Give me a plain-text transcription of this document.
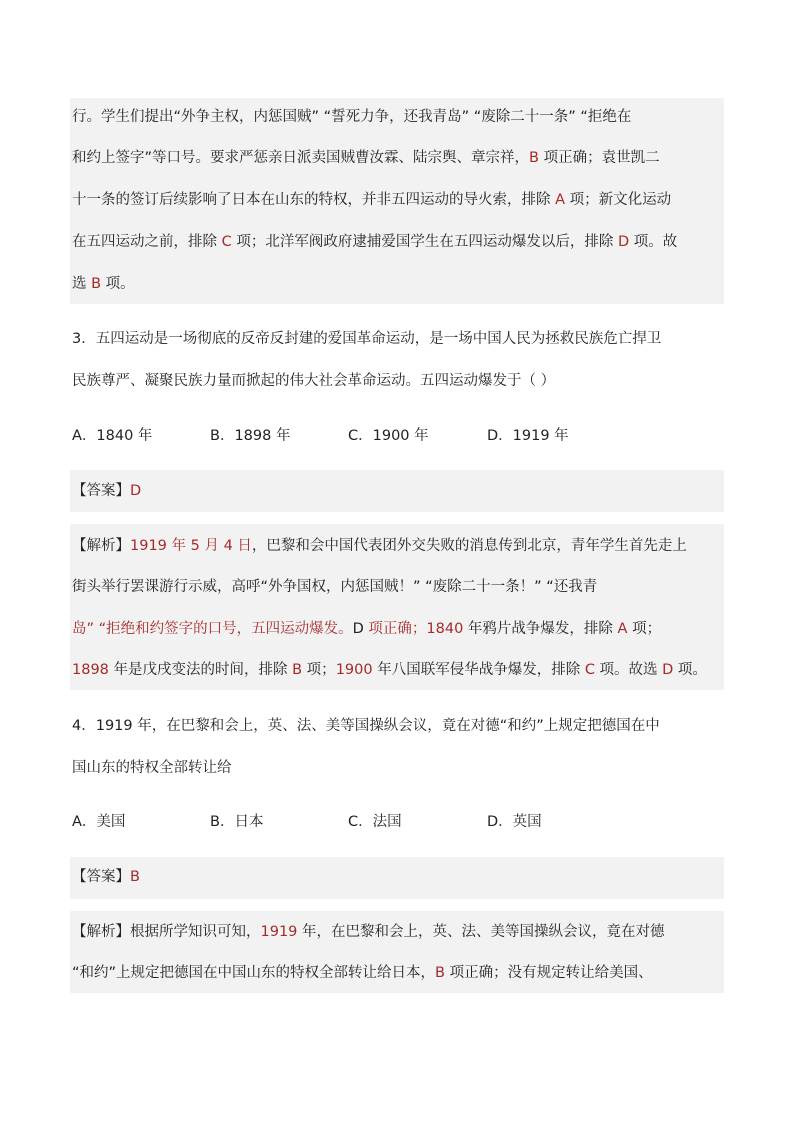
行。学生们提出“外争主权，内惩国贼” “誓死力争，还我青岛” “废除二十一条” “拒绝在
和约上签字”等口号。要求严惩亲日派卖国贼曹汝霖、陆宗舆、章宗祥，B 项正确；袁世凯二
十一条的签订后续影响了日本在山东的特权，并非五四运动的导火索，排除 A 项；新文化运动
在五四运动之前，排除 C 项；北洋军阀政府逮捕爱国学生在五四运动爆发以后，排除 D 项。故
选 B 项。
3．五四运动是一场彻底的反帝反封建的爱国革命运动，是一场中国人民为拯救民族危亡捍卫
民族尊严、凝聚民族力量而掀起的伟大社会革命运动。五四运动爆发于（ ）
A．1840 年	B．1898 年	C．1900 年	D．1919 年
【答案】D
【解析】1919 年 5 月 4 日，巴黎和会中国代表团外交失败的消息传到北京，青年学生首先走上
街头举行罢课游行示威，高呼“外争国权，内惩国贼！” “废除二十一条！” “还我青
岛” “拒绝和约签字的口号，五四运动爆发。D 项正确；1840 年鸦片战争爆发，排除 A 项；
1898 年是戊戌变法的时间，排除 B 项；1900 年八国联军侵华战争爆发，排除 C 项。故选 D 项。
4．1919 年，在巴黎和会上，英、法、美等国操纵会议，竟在对德“和约”上规定把德国在中
国山东的特权全部转让给
A．美国	B．日本	C．法国	D．英国
【答案】B
【解析】根据所学知识可知，1919 年，在巴黎和会上，英、法、美等国操纵会议，竟在对德
“和约”上规定把德国在中国山东的特权全部转让给日本，B 项正确；没有规定转让给美国、
